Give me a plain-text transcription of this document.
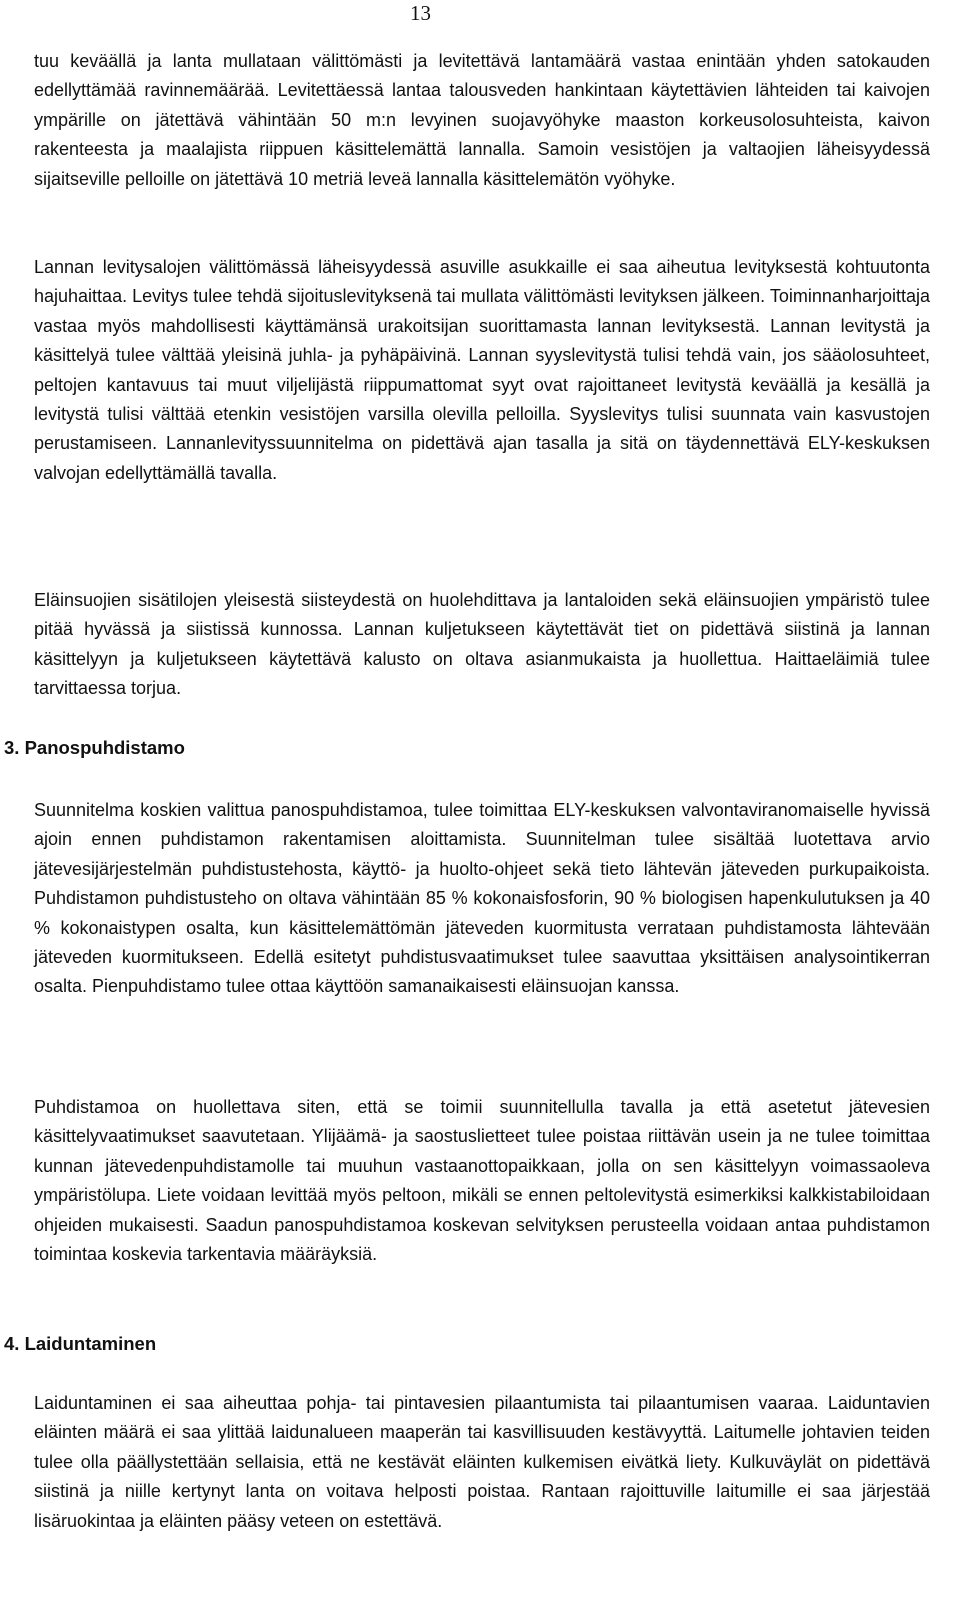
13

tuu keväällä ja lanta mullataan välittömästi ja levitettävä lantamäärä vastaa enintään yhden satokauden edellyttämää ravinnemäärää. Levitettäessä lantaa talousveden hankintaan käytettävien lähteiden tai kaivojen ympärille on jätettävä vähintään 50 m:n levyinen suojavyöhyke maaston korkeusolosuhteista, kaivon rakenteesta ja maalajista riippuen käsittelemättä lannalla. Samoin vesistöjen ja valtaojien läheisyydessä sijaitseville pelloille on jätettävä 10 metriä leveä lannalla käsittelemätön vyöhyke.

Lannan levitysalojen välittömässä läheisyydessä asuville asukkaille ei saa aiheutua levityksestä kohtuutonta hajuhaittaa. Levitys tulee tehdä sijoituslevityksenä tai mullata välittömästi levityksen jälkeen. Toiminnanharjoittaja vastaa myös mahdollisesti käyttämänsä urakoitsijan suorittamasta lannan levityksestä. Lannan levitystä ja käsittelyä tulee välttää yleisinä juhla- ja pyhäpäivinä. Lannan syyslevitystä tulisi tehdä vain, jos sääolosuhteet, peltojen kantavuus tai muut viljelijästä riippumattomat syyt ovat rajoittaneet levitystä keväällä ja kesällä ja levitystä tulisi välttää etenkin vesistöjen varsilla olevilla pelloilla. Syyslevitys tulisi suunnata vain kasvustojen perustamiseen. Lannanlevityssuunnitelma on pidettävä ajan tasalla ja sitä on täydennettävä ELY-keskuksen valvojan edellyttämällä tavalla.

Eläinsuojien sisätilojen yleisestä siisteydestä on huolehdittava ja lantaloiden sekä eläinsuojien ympäristö tulee pitää hyvässä ja siistissä kunnossa. Lannan kuljetukseen käytettävät tiet on pidettävä siistinä ja lannan käsittelyyn ja kuljetukseen käytettävä kalusto on oltava asianmukaista ja huollettua. Haittaeläimiä tulee tarvittaessa torjua.

3. Panospuhdistamo

Suunnitelma koskien valittua panospuhdistamoa, tulee toimittaa ELY-keskuksen valvontaviranomaiselle hyvissä ajoin ennen puhdistamon rakentamisen aloittamista. Suunnitelman tulee sisältää luotettava arvio jätevesijärjestelmän puhdistustehosta, käyttö- ja huolto-ohjeet sekä tieto lähtevän jäteveden purkupaikoista. Puhdistamon puhdistusteho on oltava vähintään 85 % kokonaisfosforin, 90 % biologisen hapenkulutuksen ja 40 % kokonaistypen osalta, kun käsittelemättömän jäteveden kuormitusta verrataan puhdistamosta lähtevään jäteveden kuormitukseen. Edellä esitetyt puhdistusvaatimukset tulee saavuttaa yksittäisen analysointikerran osalta. Pienpuhdistamo tulee ottaa käyttöön samanaikaisesti eläinsuojan kanssa.

Puhdistamoa on huollettava siten, että se toimii suunnitellulla tavalla ja että asetetut jätevesien käsittelyvaatimukset saavutetaan. Ylijäämä- ja saostuslietteet tulee poistaa riittävän usein ja ne tulee toimittaa kunnan jätevedenpuhdistamolle tai muuhun vastaanottopaikkaan, jolla on sen käsittelyyn voimassaoleva ympäristölupa. Liete voidaan levittää myös peltoon, mikäli se ennen peltolevitystä esimerkiksi kalkkistabiloidaan ohjeiden mukaisesti. Saadun panospuhdistamoa koskevan selvityksen perusteella voidaan antaa puhdistamon toimintaa koskevia tarkentavia määräyksiä.

4. Laiduntaminen

Laiduntaminen ei saa aiheuttaa pohja- tai pintavesien pilaantumista tai pilaantumisen vaaraa. Laiduntavien eläinten määrä ei saa ylittää laidunalueen maaperän tai kasvillisuuden kestävyyttä. Laitumelle johtavien teiden tulee olla päällystettään sellaisia, että ne kestävät eläinten kulkemisen eivätkä liety. Kulkuväylät on pidettävä siistinä ja niille kertynyt lanta on voitava helposti poistaa. Rantaan rajoittuville laitumille ei saa järjestää lisäruokintaa ja eläinten pääsy veteen on estettävä.
